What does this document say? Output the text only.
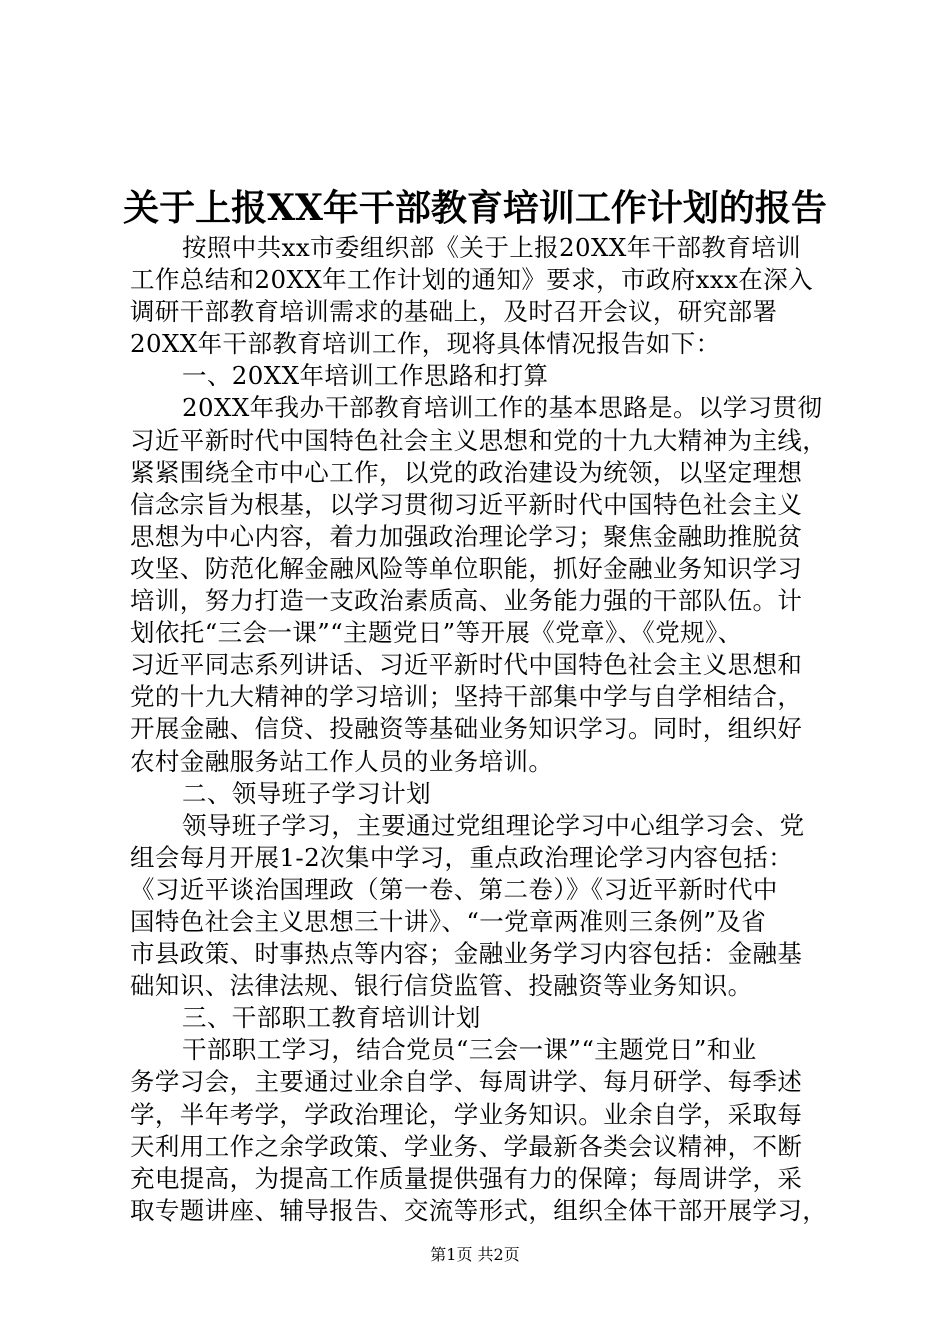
关于上报XX年干部教育培训工作计划的报告
按照中共xx市委组织部《关于上报20XX年干部教育培训
工作总结和20XX年工作计划的通知》要求，市政府xxx在深入
调研干部教育培训需求的基础上，及时召开会议，研究部署
20XX年干部教育培训工作，现将具体情况报告如下：
一、20XX年培训工作思路和打算
20XX年我办干部教育培训工作的基本思路是。以学习贯彻
习近平新时代中国特色社会主义思想和党的十九大精神为主线，
紧紧围绕全市中心工作，以党的政治建设为统领，以坚定理想
信念宗旨为根基，以学习贯彻习近平新时代中国特色社会主义
思想为中心内容，着力加强政治理论学习；聚焦金融助推脱贫
攻坚、防范化解金融风险等单位职能，抓好金融业务知识学习
培训，努力打造一支政治素质高、业务能力强的干部队伍。计
划依托“三会一课”“主题党日”等开展《党章》、《党规》、
习近平同志系列讲话、习近平新时代中国特色社会主义思想和
党的十九大精神的学习培训；坚持干部集中学与自学相结合，
开展金融、信贷、投融资等基础业务知识学习。同时，组织好
农村金融服务站工作人员的业务培训。
二、领导班子学习计划
领导班子学习，主要通过党组理论学习中心组学习会、党
组会每月开展1-2次集中学习，重点政治理论学习内容包括：
《习近平谈治国理政（第一卷、第二卷）》《习近平新时代中
国特色社会主义思想三十讲》、“一党章两准则三条例”及省
市县政策、时事热点等内容；金融业务学习内容包括：金融基
础知识、法律法规、银行信贷监管、投融资等业务知识。
三、干部职工教育培训计划
干部职工学习，结合党员“三会一课”“主题党日”和业
务学习会，主要通过业余自学、每周讲学、每月研学、每季述
学，半年考学，学政治理论，学业务知识。业余自学，采取每
天利用工作之余学政策、学业务、学最新各类会议精神，不断
充电提高，为提高工作质量提供强有力的保障；每周讲学，采
取专题讲座、辅导报告、交流等形式，组织全体干部开展学习，
第1页 共2页
